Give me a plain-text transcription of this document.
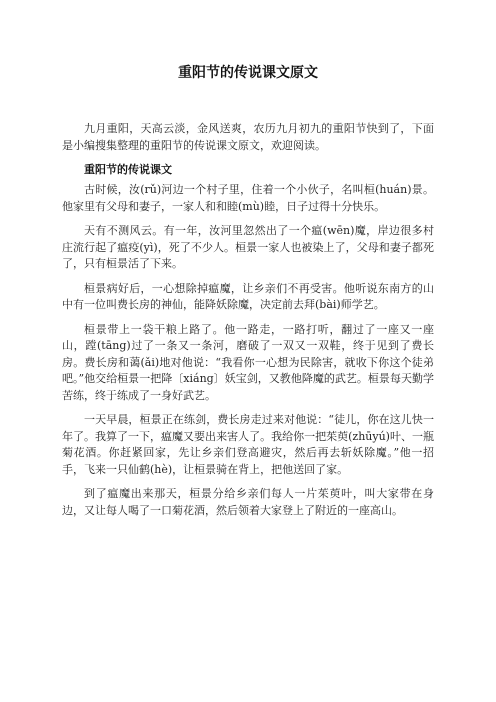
重阳节的传说课文原文

九月重阳，天高云淡，金风送爽，农历九月初九的重阳节快到了，下面是小编搜集整理的重阳节的传说课文原文，欢迎阅读。

重阳节的传说课文

古时候，汝(rǔ)河边一个村子里，住着一个小伙子，名叫桓(huán)景。他家里有父母和妻子，一家人和和睦(mù)睦，日子过得十分快乐。

天有不测风云。有一年，汝河里忽然出了一个瘟(wēn)魔，岸边很多村庄流行起了瘟疫(yì)，死了不少人。桓景一家人也被染上了，父母和妻子都死了，只有桓景活了下来。

桓景病好后，一心想除掉瘟魔，让乡亲们不再受害。他听说东南方的山中有一位叫费长房的神仙，能降妖除魔，决定前去拜(bài)师学艺。

桓景带上一袋干粮上路了。他一路走，一路打听，翻过了一座又一座山，蹚(tāng)过了一条又一条河，磨破了一双又一双鞋，终于见到了费长房。费长房和蔼(ǎi)地对他说：“我看你一心想为民除害，就收下你这个徒弟吧。”他交给桓景一把降〔xiáng〕妖宝剑，又教他降魔的武艺。桓景每天勤学苦练，终于练成了一身好武艺。

一天早晨，桓景正在练剑，费长房走过来对他说：“徒儿，你在这儿快一年了。我算了一下，瘟魔又要出来害人了。我给你一把茱萸(zhūyú)叶、一瓶菊花酒。你赶紧回家，先让乡亲们登高避灾，然后再去斩妖除魔。”他一招手，飞来一只仙鹤(hè)，让桓景骑在背上，把他送回了家。

到了瘟魔出来那天，桓景分给乡亲们每人一片茱萸叶，叫大家带在身边，又让每人喝了一口菊花酒，然后领着大家登上了附近的一座高山。
